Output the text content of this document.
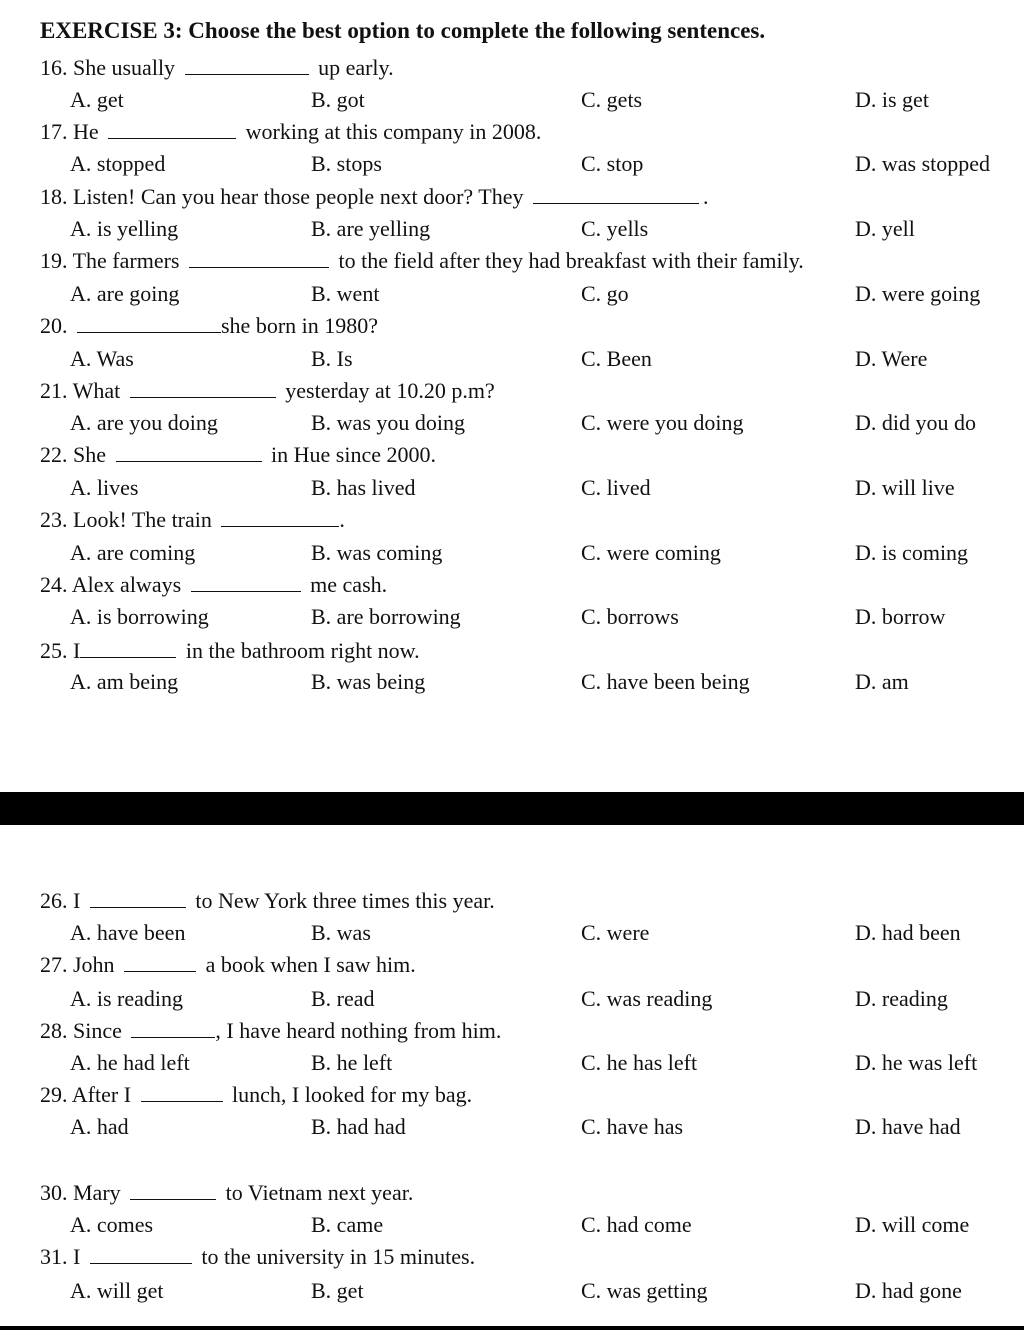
EXERCISE 3: Choose the best option to complete the following sentences.
16. She usually	up early.
A. get	B. got	C. gets	D. is get
17. He	working at this company in 2008.
A. stopped	B. stops	C. stop	D. was stopped
18. Listen! Can you hear those people next door? They	.
A. is yelling	B. are yelling	C. yells	D. yell
19. The farmers	to the field after they had breakfast with their family.
A. are going	B. went	C. go	D. were going
20.	she born in 1980?
A. Was	B. Is	C. Been	D. Were
21. What	yesterday at 10.20 p.m?
A. are you doing	B. was you doing	C. were you doing	D. did you do
22. She	in Hue since 2000.
A. lives	B. has lived	C. lived	D. will live
23. Look! The train	.
A. are coming	B. was coming	C. were coming	D. is coming
24. Alex always	me cash.
A. is borrowing	B. are borrowing	C. borrows	D. borrow
25. I	in the bathroom right now.
A. am being	B. was being	C. have been being	D. am
26. I	to New York three times this year.
A. have been	B. was	C. were	D. had been
27. John	a book when I saw him.
A. is reading	B. read	C. was reading	D. reading
28. Since	, I have heard nothing from him.
A. he had left	B. he left	C. he has left	D. he was left
29. After I	lunch, I looked for my bag.
A. had	B. had had	C. have has	D. have had
30. Mary	to Vietnam next year.
A. comes	B. came	C. had come	D. will come
31. I	to the university in 15 minutes.
A. will get	B. get	C. was getting	D. had gone
